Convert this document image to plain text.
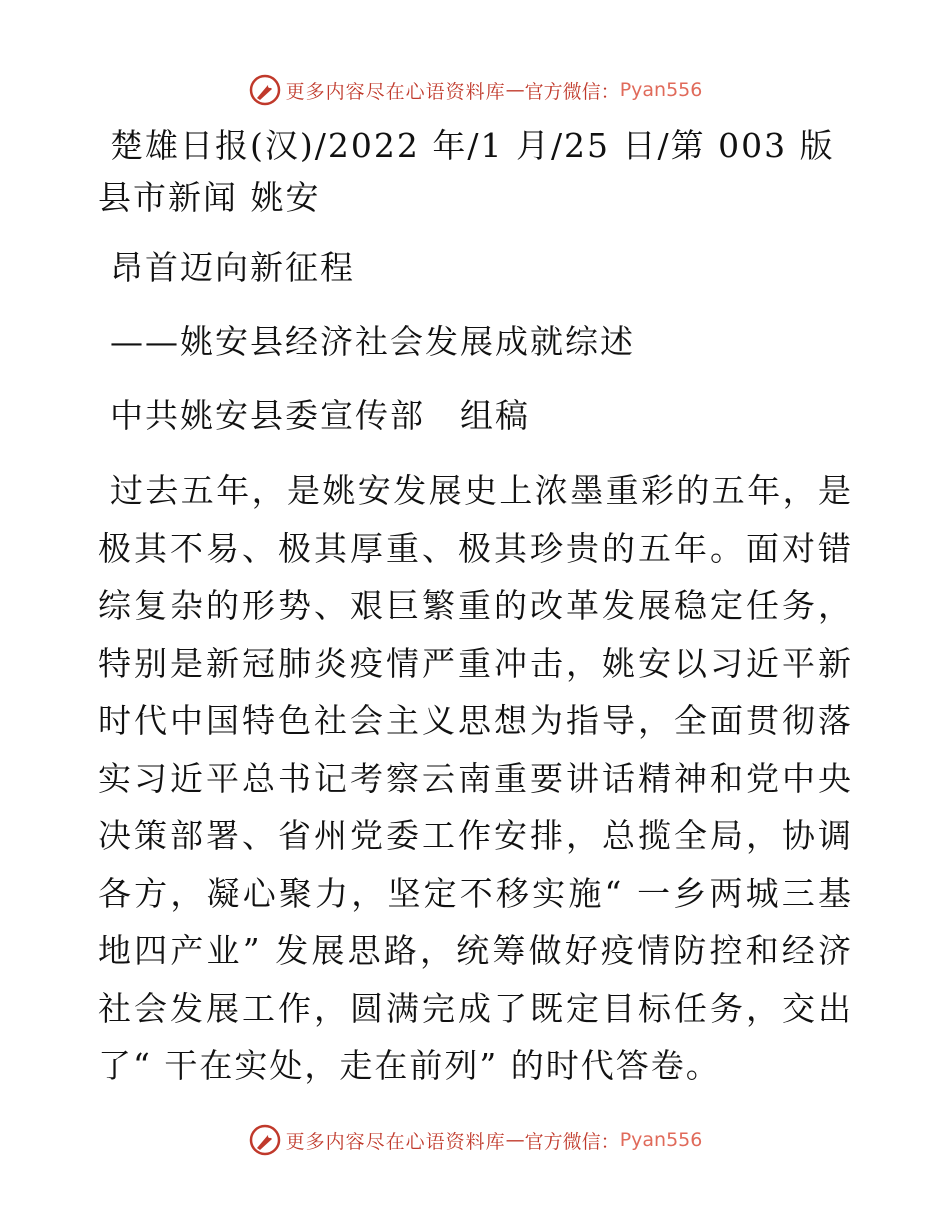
更多内容尽在心语资料库 — 官方微信： Pyan556

楚雄日报(汉)/2022 年/1 月/25 日/第 003 版县市新闻 姚安

昂首迈向新征程

——姚安县经济社会发展成就综述

中共姚安县委宣传部　组稿

过去五年，是姚安发展史上浓墨重彩的五年，是极其不易、极其厚重、极其珍贵的五年。面对错综复杂的形势、艰巨繁重的改革发展稳定任务，特别是新冠肺炎疫情严重冲击，姚安以习近平新时代中国特色社会主义思想为指导，全面贯彻落实习近平总书记考察云南重要讲话精神和党中央决策部署、省州党委工作安排，总揽全局，协调各方，凝心聚力，坚定不移实施“ 一乡两城三基地四产业” 发展思路，统筹做好疫情防控和经济社会发展工作，圆满完成了既定目标任务，交出了“ 干在实处，走在前列” 的时代答卷。

更多内容尽在心语资料库 — 官方微信： Pyan556
